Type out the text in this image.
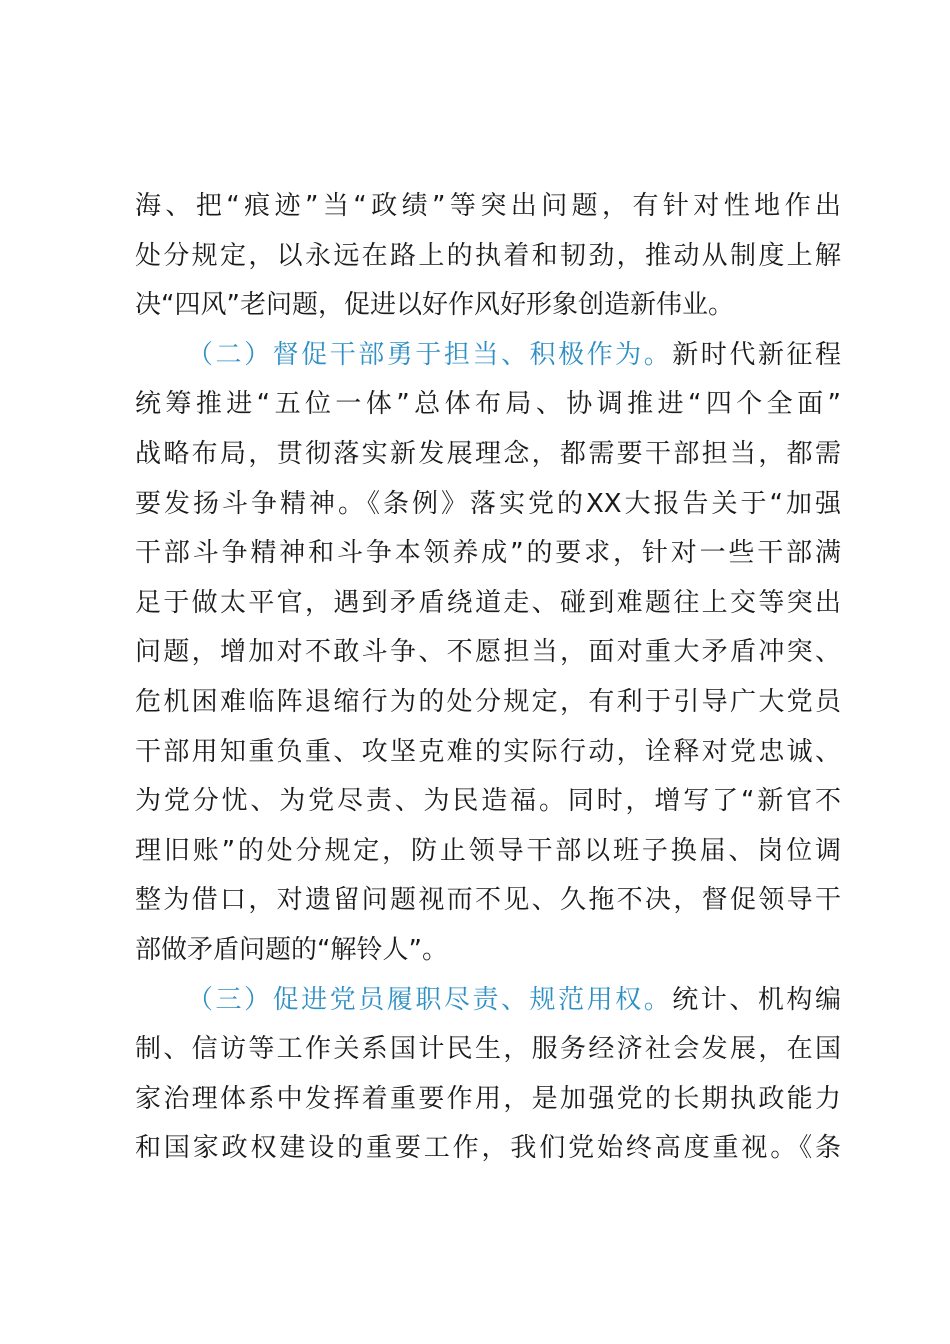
海、把“痕迹”当“政绩”等突出问题，有针对性地作出
处分规定，以永远在路上的执着和韧劲，推动从制度上解
决“四风”老问题，促进以好作风好形象创造新伟业。
（二）督促干部勇于担当、积极作为。新时代新征程
统筹推进“五位一体”总体布局、协调推进“四个全面”
战略布局，贯彻落实新发展理念，都需要干部担当，都需
要发扬斗争精神。《条例》落实党的XX大报告关于“加强
干部斗争精神和斗争本领养成”的要求，针对一些干部满
足于做太平官，遇到矛盾绕道走、碰到难题往上交等突出
问题，增加对不敢斗争、不愿担当，面对重大矛盾冲突、
危机困难临阵退缩行为的处分规定，有利于引导广大党员
干部用知重负重、攻坚克难的实际行动，诠释对党忠诚、
为党分忧、为党尽责、为民造福。同时，增写了“新官不
理旧账”的处分规定，防止领导干部以班子换届、岗位调
整为借口，对遗留问题视而不见、久拖不决，督促领导干
部做矛盾问题的“解铃人”。
（三）促进党员履职尽责、规范用权。统计、机构编
制、信访等工作关系国计民生，服务经济社会发展，在国
家治理体系中发挥着重要作用，是加强党的长期执政能力
和国家政权建设的重要工作，我们党始终高度重视。《条
